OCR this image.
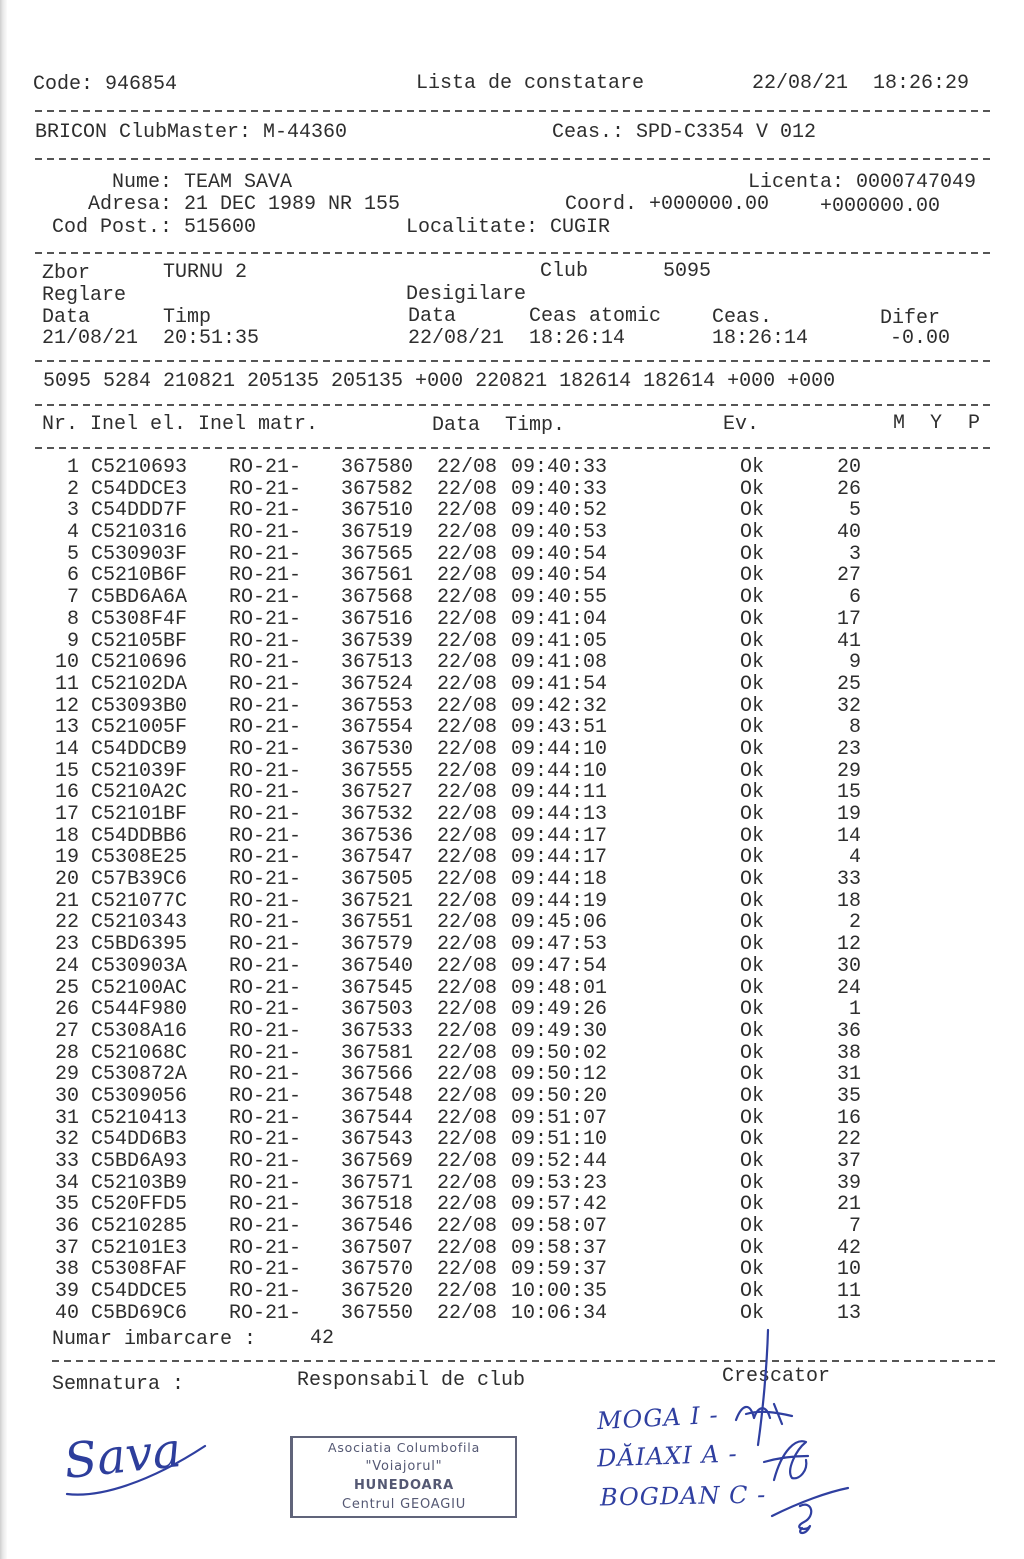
Code: 946854	Lista de constatare	22/08/21 18:26:29
BRICON ClubMaster: M-44360	Ceas.: SPD-C3354 V 012
Nume: TEAM SAVA	Licenta: 0000747049
Adresa: 21 DEC 1989 NR 155	Coord. +000000.00	+000000.00
Cod Post.: 515600	Localitate: CUGIR
Zbor	TURNU 2	Club	5095
Reglare	Desigilare
Data	Timp	Data	Ceas atomic	Ceas.	Difer
21/08/21 20:51:35	22/08/21 18:26:14	18:26:14	-0.00
5095 5284 210821 205135 205135 +000 220821 182614 182614 +000 +000
Nr. Inel el. Inel matr.	Data Timp.	Ev.	M Y P
1 C5210693 RO-21- 367580 22/08 09:40:33	Ok	20
2 C54DDCE3 RO-21- 367582 22/08 09:40:33	Ok	26
3 C54DDD7F RO-21- 367510 22/08 09:40:52	Ok	5
4 C5210316 RO-21- 367519 22/08 09:40:53	Ok	40
5 C530903F RO-21- 367565 22/08 09:40:54	Ok	3
6 C5210B6F RO-21- 367561 22/08 09:40:54	Ok	27
7 C5BD6A6A RO-21- 367568 22/08 09:40:55	Ok	6
8 C5308F4F RO-21- 367516 22/08 09:41:04	Ok	17
9 C52105BF RO-21- 367539 22/08 09:41:05	Ok	41
10 C5210696 RO-21- 367513 22/08 09:41:08	Ok	9
11 C52102DA RO-21- 367524 22/08 09:41:54	Ok	25
12 C53093B0 RO-21- 367553 22/08 09:42:32	Ok	32
13 C521005F RO-21- 367554 22/08 09:43:51	Ok	8
14 C54DDCB9 RO-21- 367530 22/08 09:44:10	Ok	23
15 C521039F RO-21- 367555 22/08 09:44:10	Ok	29
16 C5210A2C RO-21- 367527 22/08 09:44:11	Ok	15
17 C52101BF RO-21- 367532 22/08 09:44:13	Ok	19
18 C54DDBB6 RO-21- 367536 22/08 09:44:17	Ok	14
19 C5308E25 RO-21- 367547 22/08 09:44:17	Ok	4
20 C57B39C6 RO-21- 367505 22/08 09:44:18	Ok	33
21 C521077C RO-21- 367521 22/08 09:44:19	Ok	18
22 C5210343 RO-21- 367551 22/08 09:45:06	Ok	2
23 C5BD6395 RO-21- 367579 22/08 09:47:53	Ok	12
24 C530903A RO-21- 367540 22/08 09:47:54	Ok	30
25 C52100AC RO-21- 367545 22/08 09:48:01	Ok	24
26 C544F980 RO-21- 367503 22/08 09:49:26	Ok	1
27 C5308A16 RO-21- 367533 22/08 09:49:30	Ok	36
28 C521068C RO-21- 367581 22/08 09:50:02	Ok	38
29 C530872A RO-21- 367566 22/08 09:50:12	Ok	31
30 C5309056 RO-21- 367548 22/08 09:50:20	Ok	35
31 C5210413 RO-21- 367544 22/08 09:51:07	Ok	16
32 C54DD6B3 RO-21- 367543 22/08 09:51:10	Ok	22
33 C5BD6A93 RO-21- 367569 22/08 09:52:44	Ok	37
34 C52103B9 RO-21- 367571 22/08 09:53:23	Ok	39
35 C520FFD5 RO-21- 367518 22/08 09:57:42	Ok	21
36 C5210285 RO-21- 367546 22/08 09:58:07	Ok	7
37 C52101E3 RO-21- 367507 22/08 09:58:37	Ok	42
38 C5308FAF RO-21- 367570 22/08 09:59:37	Ok	10
39 C54DDCE5 RO-21- 367520 22/08 10:00:35	Ok	11
40 C5BD69C6 RO-21- 367550 22/08 10:06:34	Ok	13
Numar imbarcare :	42
Semnatura :	Responsabil de club	Crescator
Asociatia Columbofila
"Voiajorul"
HUNEDOARA
Centrul GEOAGIU
Sava
MOGA I -
DĂIAXI A -
BOGDAN C -
